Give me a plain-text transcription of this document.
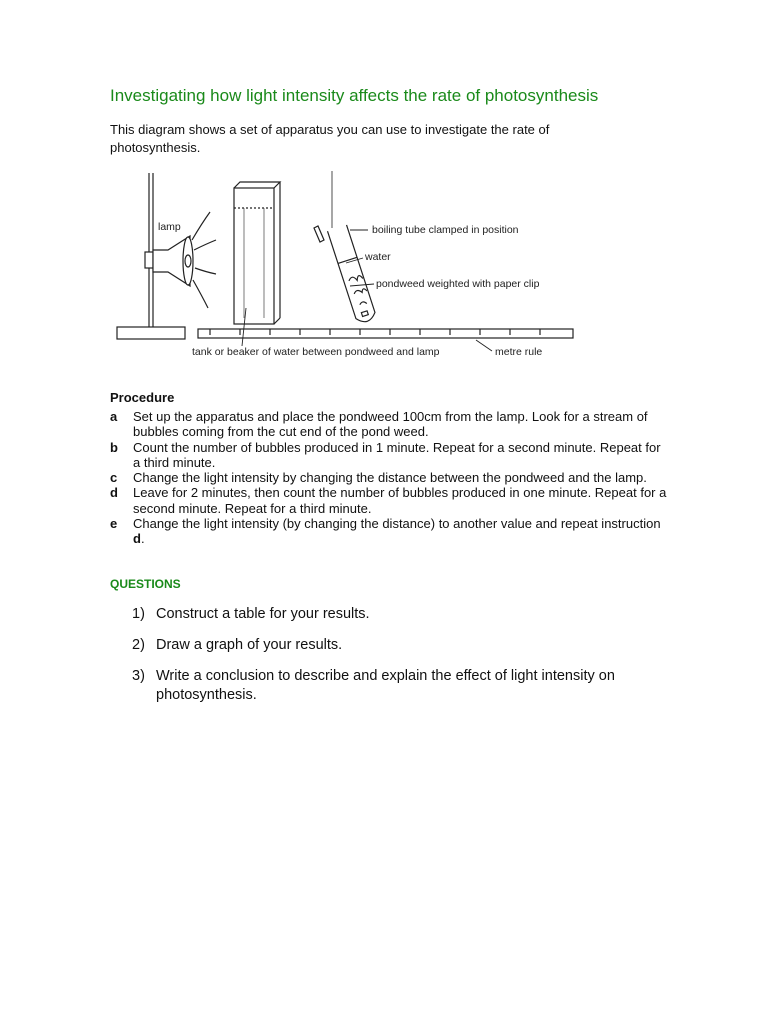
Investigating how light intensity affects the rate of photosynthesis
This diagram shows a set of apparatus you can use to investigate the rate of photosynthesis.
lamp	boiling tube clamped in position
water
pondweed weighted with paper clip
tank or beaker of water between pondweed and lamp	metre rule
Procedure
a Set up the apparatus and place the pondweed 100cm from the lamp. Look for a stream of bubbles coming from the cut end of the pond weed.
b Count the number of bubbles produced in 1 minute. Repeat for a second minute. Repeat for a third minute.
c Change the light intensity by changing the distance between the pondweed and the lamp.
d Leave for 2 minutes, then count the number of bubbles produced in one minute. Repeat for a second minute. Repeat for a third minute.
e Change the light intensity (by changing the distance) to another value and repeat instruction d.
QUESTIONS
1) Construct a table for your results.
2) Draw a graph of your results.
3) Write a conclusion to describe and explain the effect of light intensity on photosynthesis.
